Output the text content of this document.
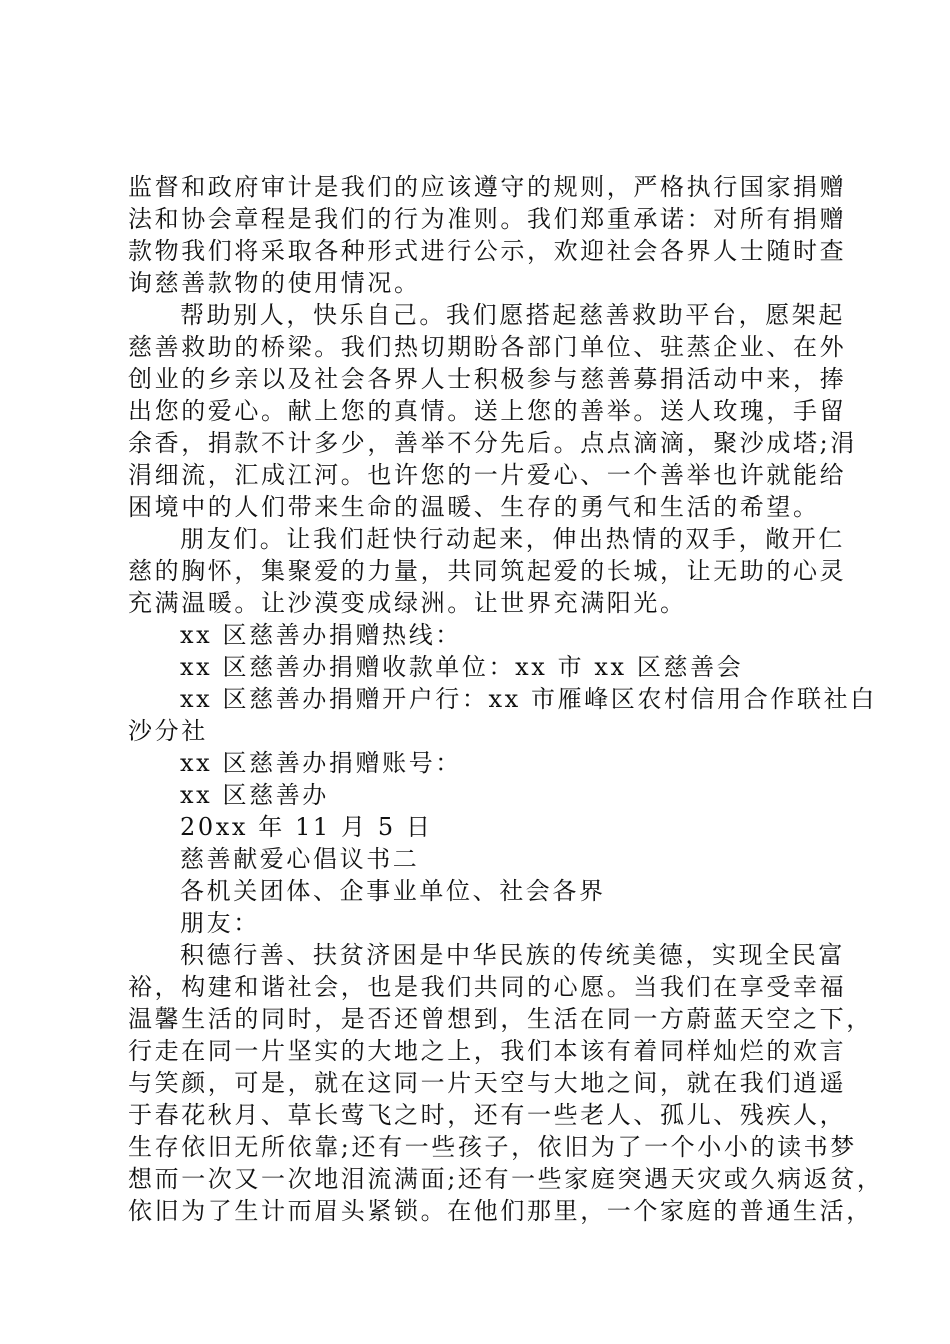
监督和政府审计是我们的应该遵守的规则，严格执行国家捐赠
法和协会章程是我们的行为准则。我们郑重承诺：对所有捐赠
款物我们将采取各种形式进行公示，欢迎社会各界人士随时查
询慈善款物的使用情况。
帮助别人，快乐自己。我们愿搭起慈善救助平台，愿架起
慈善救助的桥梁。我们热切期盼各部门单位、驻蒸企业、在外
创业的乡亲以及社会各界人士积极参与慈善募捐活动中来，捧
出您的爱心。献上您的真情。送上您的善举。送人玫瑰，手留
余香，捐款不计多少，善举不分先后。点点滴滴，聚沙成塔;涓
涓细流，汇成江河。也许您的一片爱心、一个善举也许就能给
困境中的人们带来生命的温暖、生存的勇气和生活的希望。
朋友们。让我们赶快行动起来，伸出热情的双手，敞开仁
慈的胸怀，集聚爱的力量，共同筑起爱的长城，让无助的心灵
充满温暖。让沙漠变成绿洲。让世界充满阳光。
xx 区慈善办捐赠热线：
xx 区慈善办捐赠收款单位：xx 市 xx 区慈善会
xx 区慈善办捐赠开户行：xx 市雁峰区农村信用合作联社白
沙分社
xx 区慈善办捐赠账号：
xx 区慈善办
20xx 年 11 月 5 日
慈善献爱心倡议书二
各机关团体、企事业单位、社会各界
朋友：
积德行善、扶贫济困是中华民族的传统美德，实现全民富
裕，构建和谐社会，也是我们共同的心愿。当我们在享受幸福
温馨生活的同时，是否还曾想到，生活在同一方蔚蓝天空之下，
行走在同一片坚实的大地之上，我们本该有着同样灿烂的欢言
与笑颜，可是，就在这同一片天空与大地之间，就在我们逍遥
于春花秋月、草长莺飞之时，还有一些老人、孤儿、残疾人，
生存依旧无所依靠;还有一些孩子，依旧为了一个小小的读书梦
想而一次又一次地泪流满面;还有一些家庭突遇天灾或久病返贫，
依旧为了生计而眉头紧锁。在他们那里，一个家庭的普通生活，
